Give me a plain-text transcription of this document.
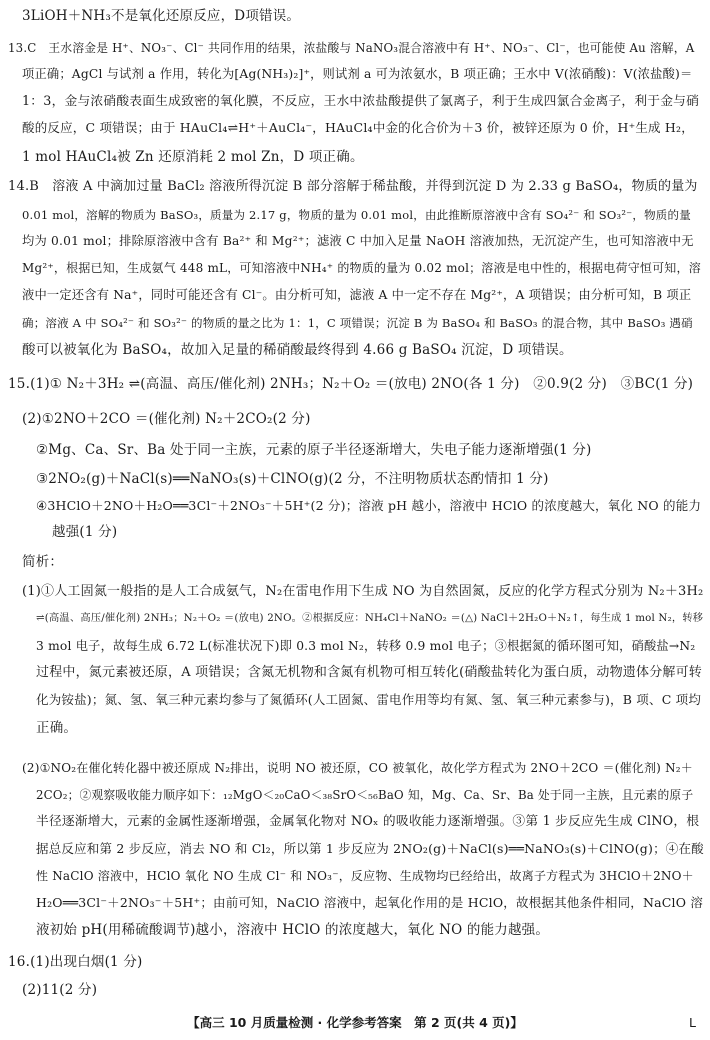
3LiOH＋NH₃不是氧化还原反应，D项错误。
13.C　王水溶金是 H⁺、NO₃⁻、Cl⁻ 共同作用的结果，浓盐酸与 NaNO₃混合溶液中有 H⁺、NO₃⁻、Cl⁻，也可能使 Au 溶解，A
项正确；AgCl 与试剂 a 作用，转化为[Ag(NH₃)₂]⁺，则试剂 a 可为浓氨水，B 项正确；王水中 V(浓硝酸)：V(浓盐酸)＝
1：3，金与浓硝酸表面生成致密的氧化膜，不反应，王水中浓盐酸提供了氯离子，利于生成四氯合金离子，利于金与硝
酸的反应，C 项错误；由于 HAuCl₄⇌H⁺＋AuCl₄⁻，HAuCl₄中金的化合价为＋3 价，被锌还原为 0 价，H⁺生成 H₂，
1 mol HAuCl₄被 Zn 还原消耗 2 mol Zn，D 项正确。
14.B　溶液 A 中滴加过量 BaCl₂ 溶液所得沉淀 B 部分溶解于稀盐酸，并得到沉淀 D 为 2.33 g BaSO₄，物质的量为
0.01 mol，溶解的物质为 BaSO₃，质量为 2.17 g，物质的量为 0.01 mol，由此推断原溶液中含有 SO₄²⁻ 和 SO₃²⁻，物质的量
均为 0.01 mol；排除原溶液中含有 Ba²⁺ 和 Mg²⁺；滤液 C 中加入足量 NaOH 溶液加热，无沉淀产生，也可知溶液中无
Mg²⁺，根据已知，生成氨气 448 mL，可知溶液中NH₄⁺ 的物质的量为 0.02 mol；溶液是电中性的，根据电荷守恒可知，溶
液中一定还含有 Na⁺，同时可能还含有 Cl⁻。由分析可知，滤液 A 中一定不存在 Mg²⁺，A 项错误；由分析可知，B 项正
确；溶液 A 中 SO₄²⁻ 和 SO₃²⁻ 的物质的量之比为 1：1，C 项错误；沉淀 B 为 BaSO₄ 和 BaSO₃ 的混合物，其中 BaSO₃ 遇硝
酸可以被氧化为 BaSO₄，故加入足量的稀硝酸最终得到 4.66 g BaSO₄ 沉淀，D 项错误。
15.(1)① N₂＋3H₂ ⇌(高温、高压/催化剂) 2NH₃；N₂＋O₂ ＝(放电) 2NO(各 1 分)　②0.9(2 分)　③BC(1 分)
(2)①2NO＋2CO ＝(催化剂) N₂＋2CO₂(2 分)
②Mg、Ca、Sr、Ba 处于同一主族，元素的原子半径逐渐增大，失电子能力逐渐增强(1 分)
③2NO₂(g)＋NaCl(s)══NaNO₃(s)＋ClNO(g)(2 分，不注明物质状态酌情扣 1 分)
④3HClO＋2NO＋H₂O══3Cl⁻＋2NO₃⁻＋5H⁺(2 分)；溶液 pH 越小，溶液中 HClO 的浓度越大，氧化 NO 的能力
越强(1 分)
简析：
(1)①人工固氮一般指的是人工合成氨气，N₂在雷电作用下生成 NO 为自然固氮，反应的化学方程式分别为 N₂＋3H₂
⇌(高温、高压/催化剂) 2NH₃；N₂＋O₂ ＝(放电) 2NO。②根据反应：NH₄Cl＋NaNO₂ ＝(△) NaCl＋2H₂O＋N₂↑，每生成 1 mol N₂，转移
3 mol 电子，故每生成 6.72 L(标准状况下)即 0.3 mol N₂，转移 0.9 mol 电子；③根据氮的循环图可知，硝酸盐→N₂
过程中，氮元素被还原，A 项错误；含氮无机物和含氮有机物可相互转化(硝酸盐转化为蛋白质，动物遗体分解可转
化为铵盐)；氮、氢、氧三种元素均参与了氮循环(人工固氮、雷电作用等均有氮、氢、氧三种元素参与)，B 项、C 项均
正确。
(2)①NO₂在催化转化器中被还原成 N₂排出，说明 NO 被还原，CO 被氧化，故化学方程式为 2NO＋2CO ＝(催化剂) N₂＋
2CO₂；②观察吸收能力顺序如下：₁₂MgO＜₂₀CaO＜₃₈SrO＜₅₆BaO 知，Mg、Ca、Sr、Ba 处于同一主族，且元素的原子
半径逐渐增大，元素的金属性逐渐增强，金属氧化物对 NOₓ 的吸收能力逐渐增强。③第 1 步反应先生成 ClNO，根
据总反应和第 2 步反应，消去 NO 和 Cl₂，所以第 1 步反应为 2NO₂(g)＋NaCl(s)══NaNO₃(s)＋ClNO(g)；④在酸
性 NaClO 溶液中，HClO 氧化 NO 生成 Cl⁻ 和 NO₃⁻，反应物、生成物均已经给出，故离子方程式为 3HClO＋2NO＋
H₂O══3Cl⁻＋2NO₃⁻＋5H⁺；由前可知，NaClO 溶液中，起氧化作用的是 HClO，故根据其他条件相同，NaClO 溶
液初始 pH(用稀硫酸调节)越小，溶液中 HClO 的浓度越大，氧化 NO 的能力越强。
16.(1)出现白烟(1 分)
(2)11(2 分)
【高三 10 月质量检测 · 化学参考答案　第 2 页(共 4 页)】	L
